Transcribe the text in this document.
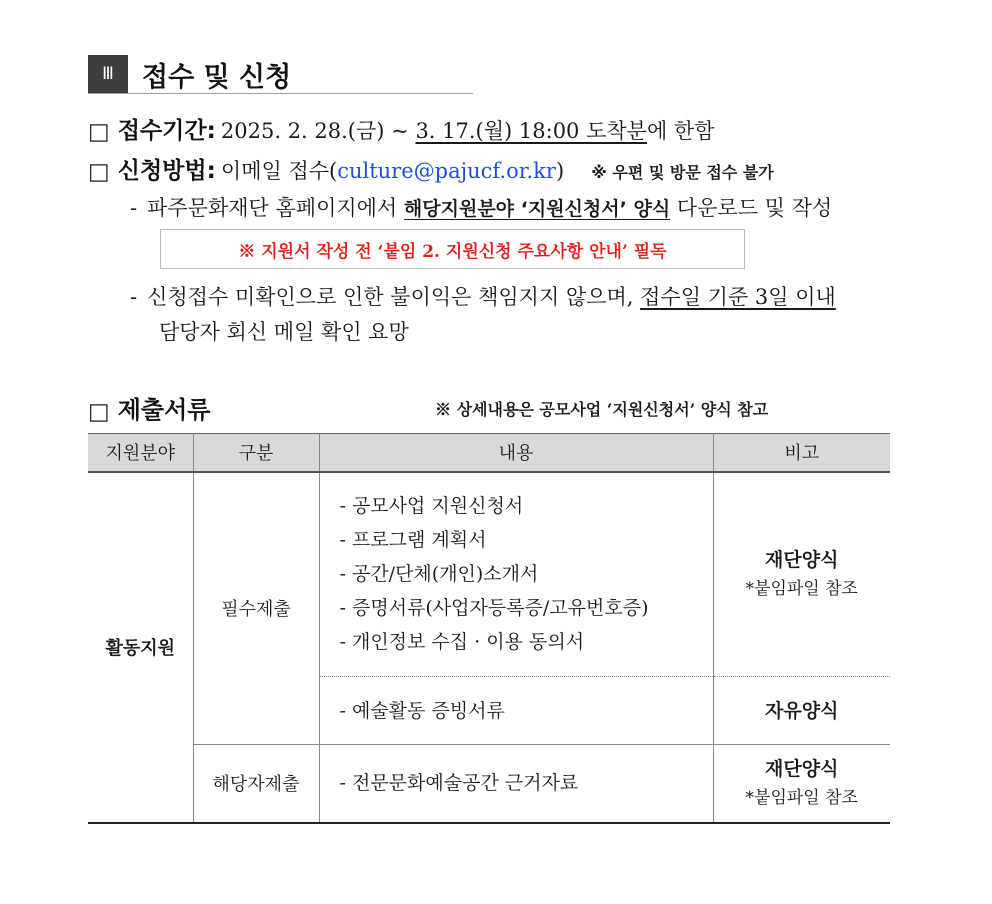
Ⅲ	접수 및 신청
□ 접수기간: 2025. 2. 28.(금) ~ 3. 17.(월) 18:00 도착분에 한함
□ 신청방법: 이메일 접수(culture@pajucf.or.kr) ※ 우편 및 방문 접수 불가
- 파주문화재단 홈페이지에서 해당지원분야 ‘지원신청서’ 양식 다운로드 및 작성
※ 지원서 작성 전 ‘붙임 2. 지원신청 주요사항 안내’ 필독
- 신청접수 미확인으로 인한 불이익은 책임지지 않으며, 접수일 기준 3일 이내
담당자 회신 메일 확인 요망
□ 제출서류	※ 상세내용은 공모사업 ‘지원신청서’ 양식 참고
지원분야	구분	내용	비고
활동지원	필수제출	- 공모사업 지원신청서
- 프로그램 계획서
- 공간/단체(개인)소개서
- 증명서류(사업자등록증/고유번호증)
- 개인정보 수집 · 이용 동의서	재단양식
*붙임파일 참조

		- 예술활동 증빙서류	자유양식

	해당자제출	- 전문문화예술공간 근거자료	재단양식
*붙임파일 참조
